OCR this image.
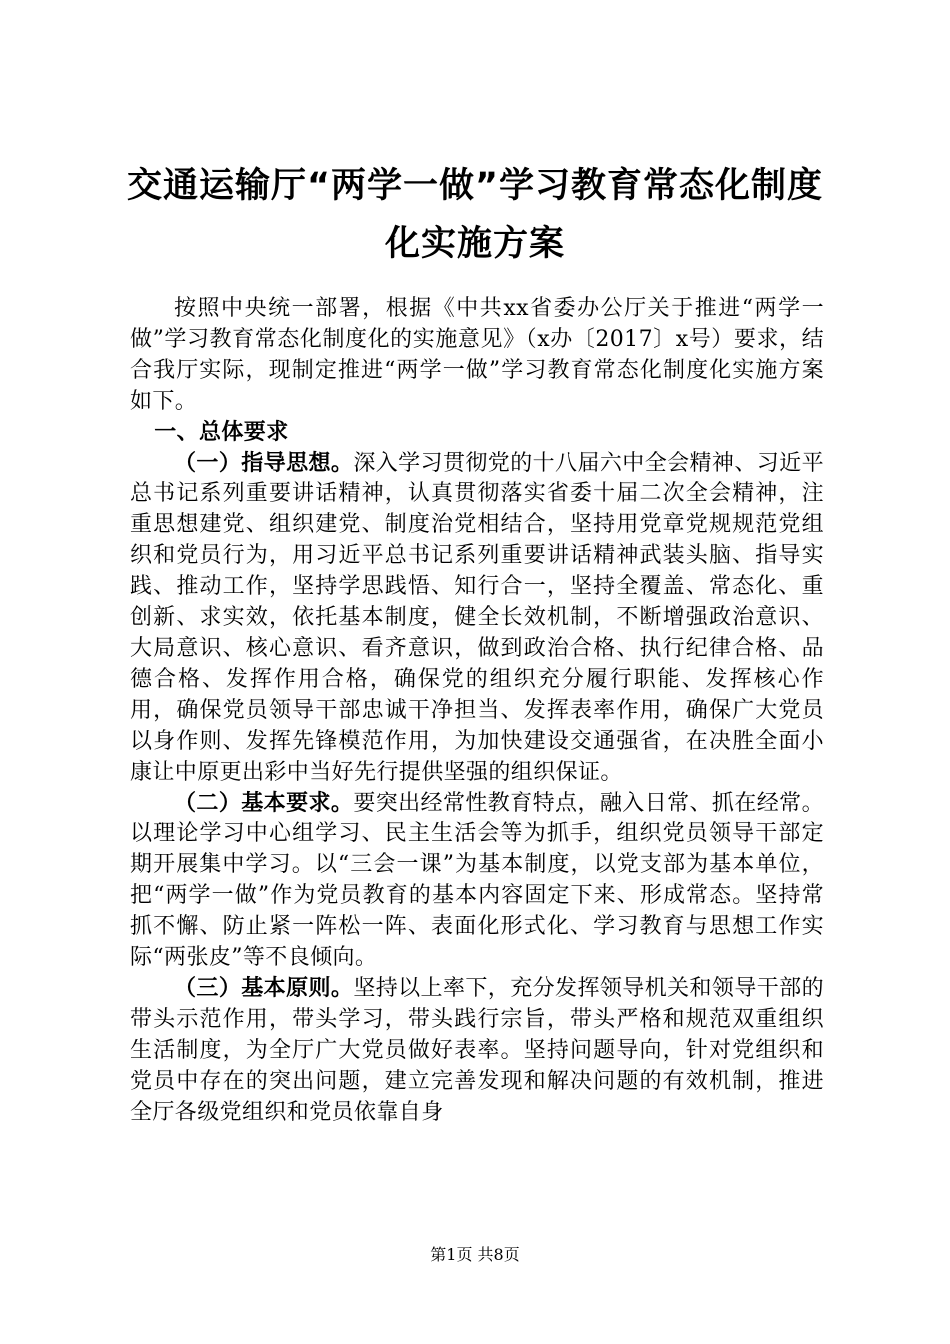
交通运输厅“两学一做”学习教育常态化制度
化实施方案

按照中央统一部署，根据《中共xx省委办公厅关于推进“两学一做”学习教育常态化制度化的实施意见》（x办〔2017〕x号）要求，结合我厅实际，现制定推进“两学一做”学习教育常态化制度化实施方案如下。

一、总体要求

（一）指导思想。深入学习贯彻党的十八届六中全会精神、习近平总书记系列重要讲话精神，认真贯彻落实省委十届二次全会精神，注重思想建党、组织建党、制度治党相结合，坚持用党章党规规范党组织和党员行为，用习近平总书记系列重要讲话精神武装头脑、指导实践、推动工作，坚持学思践悟、知行合一，坚持全覆盖、常态化、重创新、求实效，依托基本制度，健全长效机制，不断增强政治意识、大局意识、核心意识、看齐意识，做到政治合格、执行纪律合格、品德合格、发挥作用合格，确保党的组织充分履行职能、发挥核心作用，确保党员领导干部忠诚干净担当、发挥表率作用，确保广大党员以身作则、发挥先锋模范作用，为加快建设交通强省，在决胜全面小康让中原更出彩中当好先行提供坚强的组织保证。

（二）基本要求。要突出经常性教育特点，融入日常、抓在经常。以理论学习中心组学习、民主生活会等为抓手，组织党员领导干部定期开展集中学习。以“三会一课”为基本制度，以党支部为基本单位，把“两学一做”作为党员教育的基本内容固定下来、形成常态。坚持常抓不懈、防止紧一阵松一阵、表面化形式化、学习教育与思想工作实际“两张皮”等不良倾向。

（三）基本原则。坚持以上率下，充分发挥领导机关和领导干部的带头示范作用，带头学习，带头践行宗旨，带头严格和规范双重组织生活制度，为全厅广大党员做好表率。坚持问题导向，针对党组织和党员中存在的突出问题，建立完善发现和解决问题的有效机制，推进全厅各级党组织和党员依靠自身

第1页 共8页
